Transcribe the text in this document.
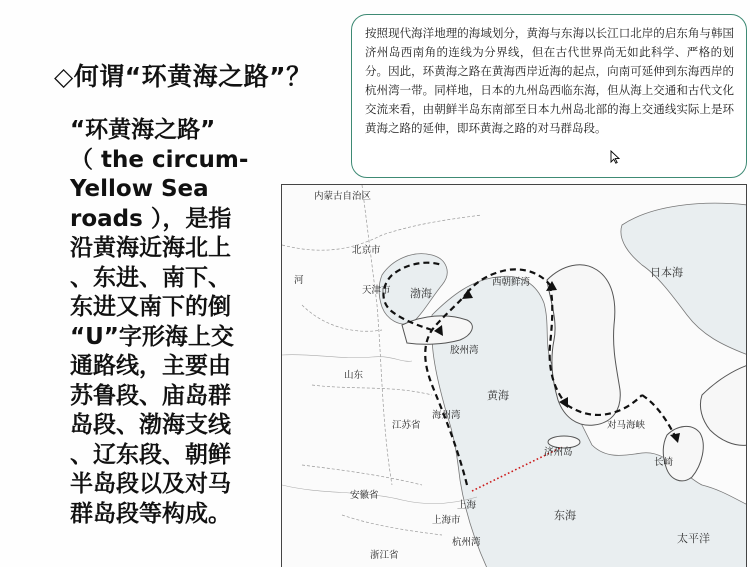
◇何谓“环黄海之路”？
“环黄海之路”
（ the circum-
Yellow Sea
roads ），是指
沿黄海近海北上
、东进、南下、
东进又南下的倒
“U”字形海上交
通路线，主要由
苏鲁段、庙岛群
岛段、渤海支线
、辽东段、朝鲜
半岛段以及对马
群岛段等构成。
按照现代海洋地理的海域划分，黄海与东海以长江口北岸的启东角与韩国济州岛西南角的连线为分界线，但在古代世界尚无如此科学、严格的划分。因此，环黄海之路在黄海西岸近海的起点，向南可延伸到东海西岸的杭州湾一带。同样地，日本的九州岛西临东海，但从海上交通和古代文化交流来看，由朝鲜半岛东南部至日本九州岛北部的海上交通线实际上是环黄海之路的延伸，即环黄海之路的对马群岛段。
内蒙古自治区
北京市
天津市
河
山东
江苏省
安徽省
浙江省
上海市
渤海
黄海
东海
日本海
太平洋
济州岛
西朝鲜湾
杭州湾
胶州湾
海州湾
对马海峡
上海
长崎
